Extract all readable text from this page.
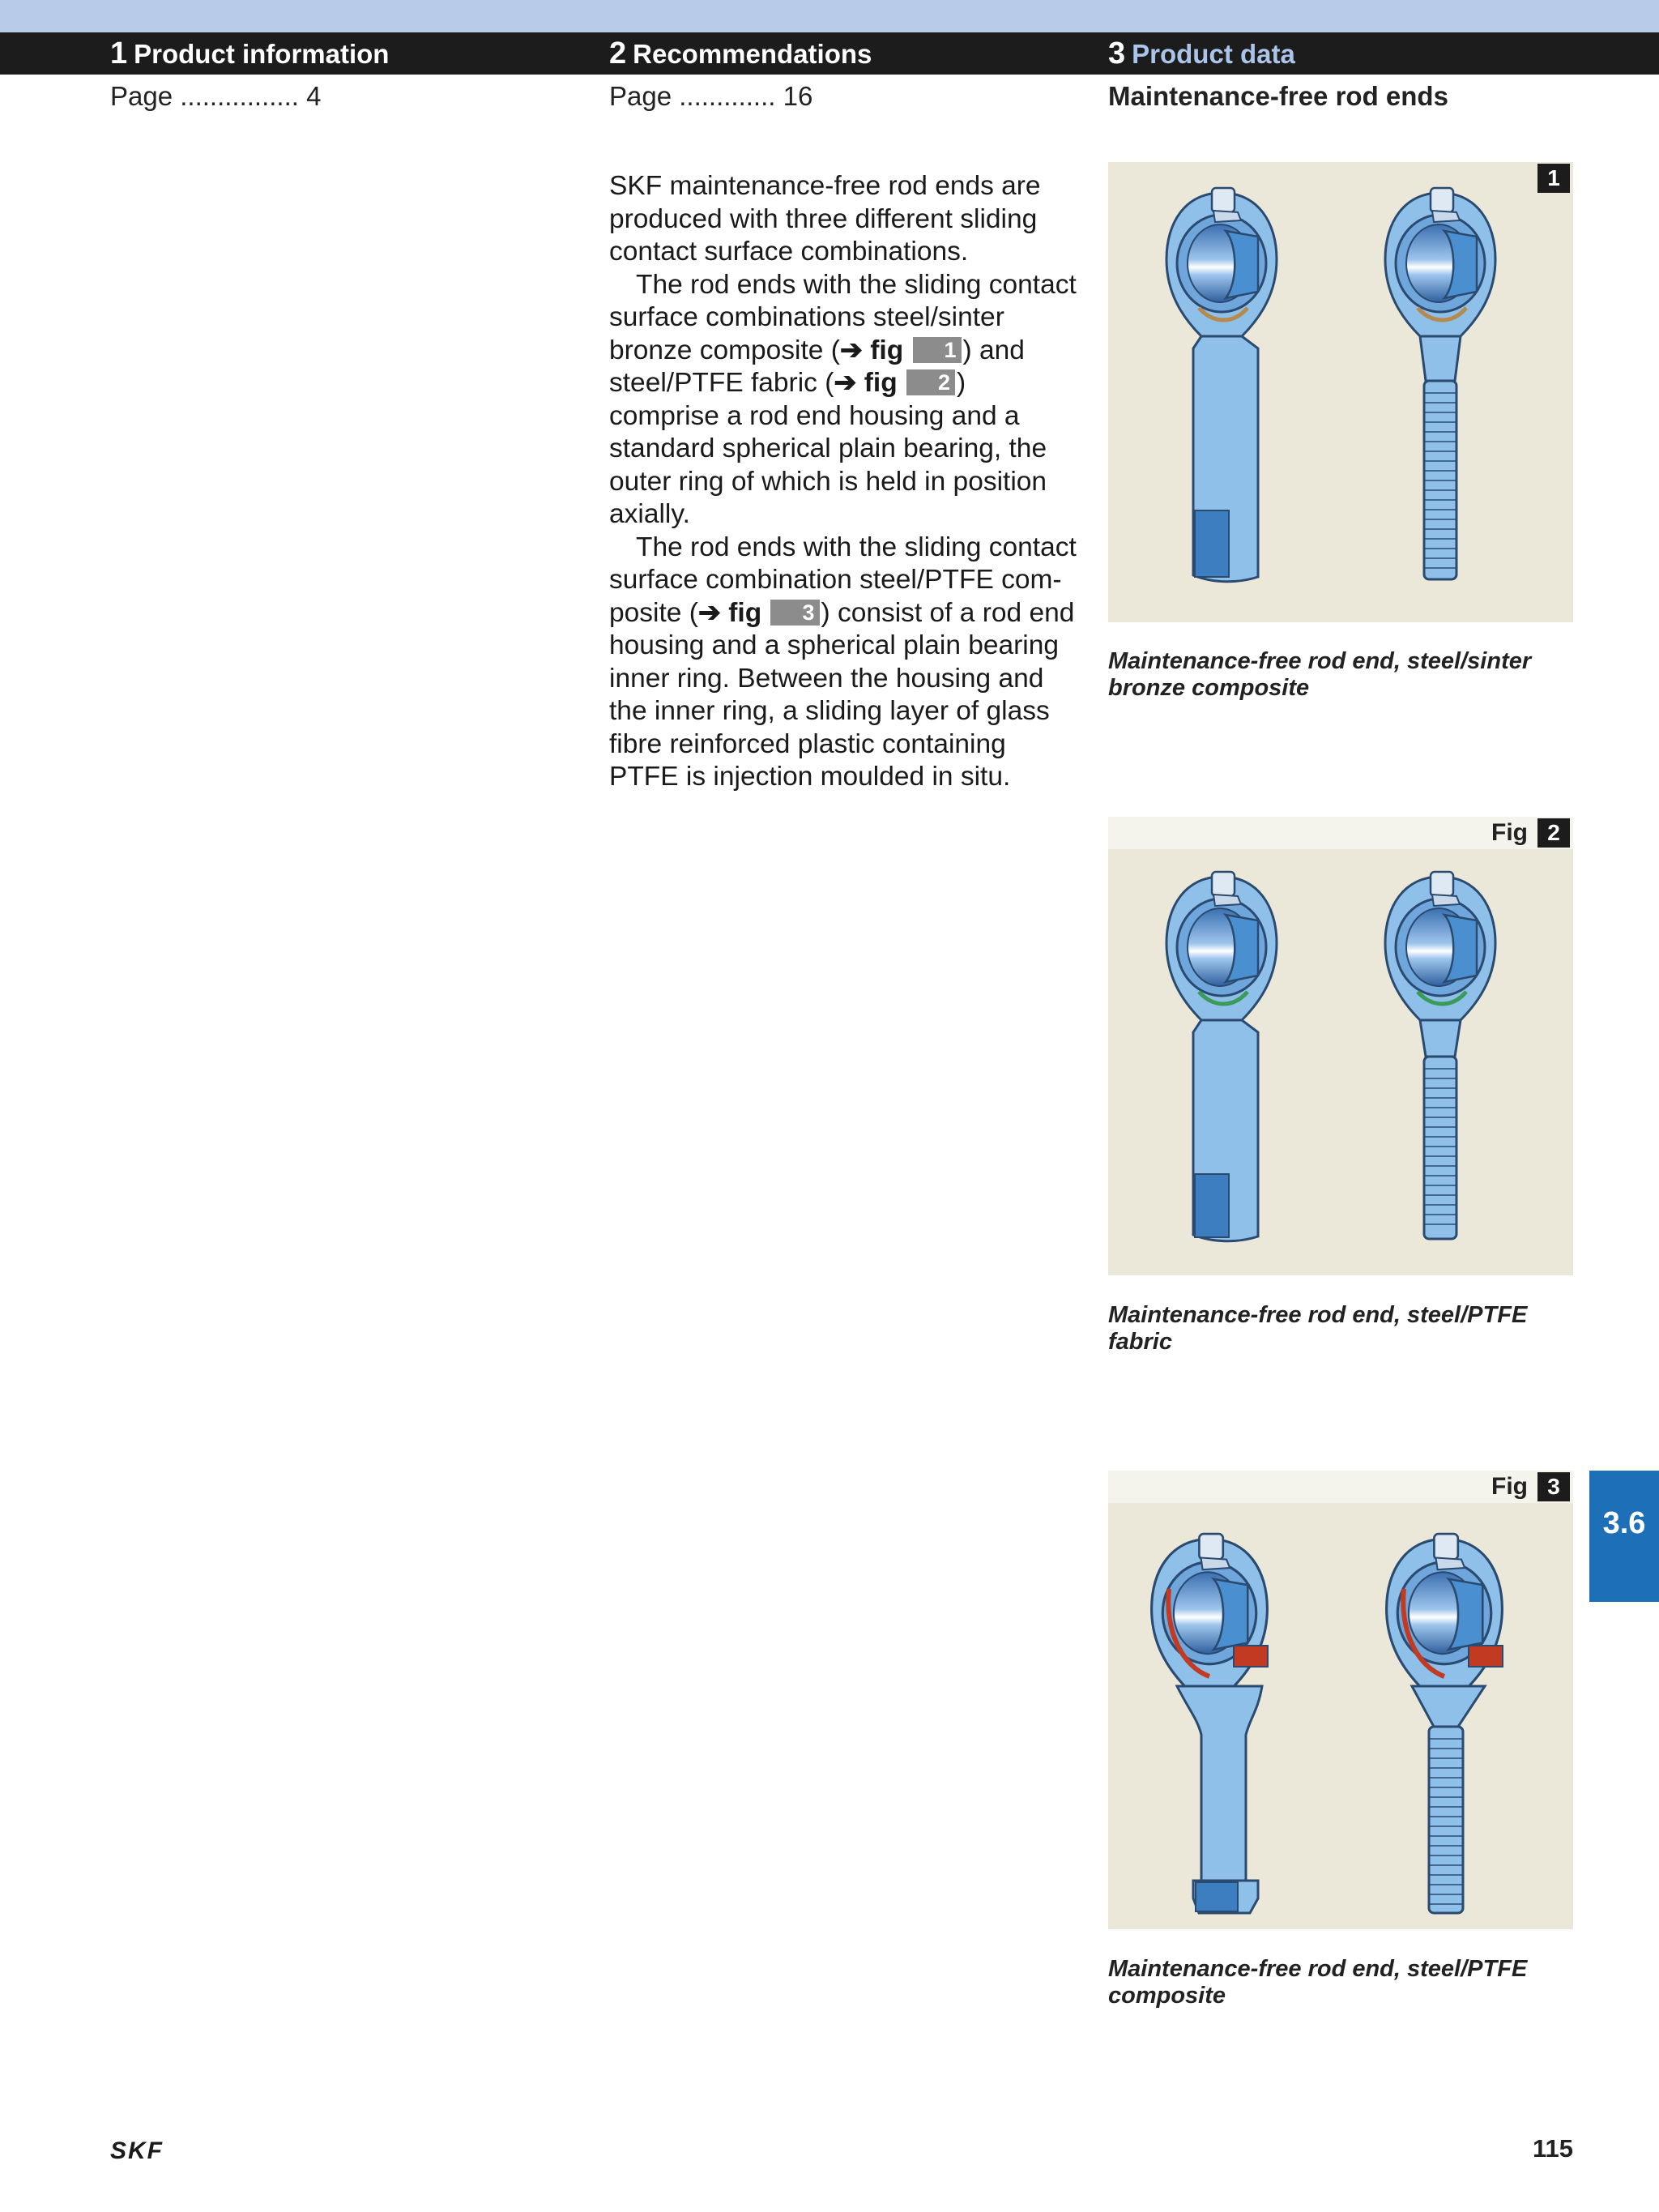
1 Product information	2 Recommendations	3 Product data
Page ................ 4	Page ............. 16	Maintenance-free rod ends

SKF maintenance-free rod ends are produced with three different sliding contact surface combinations.

The rod ends with the sliding contact surface combinations steel/sinter bronze composite (➔ fig 1 ) and steel/PTFE fabric (➔ fig 2 ) comprise a rod end housing and a standard spherical plain bearing, the outer ring of which is held in position axially.

The rod ends with the sliding contact surface combination steel/PTFE com- posite (➔ fig 3 ) consist of a rod end housing and a spherical plain bearing inner ring. Between the housing and the inner ring, a sliding layer of glass fibre reinforced plastic containing PTFE is injection moulded in situ.

1
Maintenance-free rod end, steel/sinter bronze composite
Fig 2
Maintenance-free rod end, steel/PTFE fabric
Fig 3
Maintenance-free rod end, steel/PTFE composite
3.6
SKF	115
